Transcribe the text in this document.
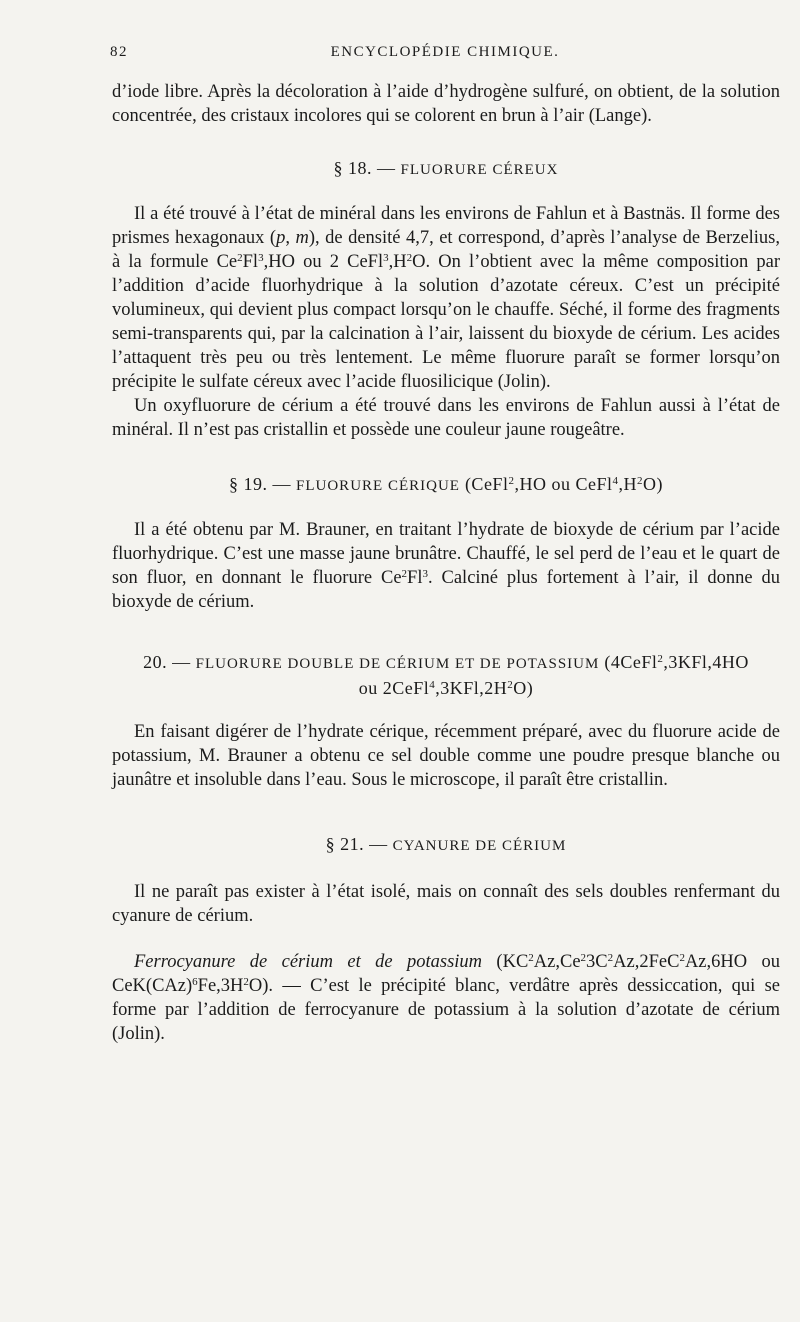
82	ENCYCLOPÉDIE CHIMIQUE.

d’iode libre. Après la décoloration à l’aide d’hydrogène sulfuré, on obtient, de la solution concentrée, des cristaux incolores qui se colorent en brun à l’air (Lange).

§ 18. — FLUORURE CÉREUX

Il a été trouvé à l’état de minéral dans les environs de Fahlun et à Bastnäs. Il forme des prismes hexagonaux (p, m), de densité 4,7, et correspond, d’après l’analyse de Berzelius, à la formule Ce$^2$Fl$^3$,HO ou 2 $CeFl^3,H^2O$. On l’obtient avec la même composition par l’addition d’acide fluorhydrique à la solution d’azotate céreux. C’est un précipité volumineux, qui devient plus compact lorsqu’on le chauffe. Séché, il forme des fragments semi-transparents qui, par la calcination à l’air, laissent du bioxyde de cérium. Les acides l’attaquent très peu ou très lentement. Le même fluorure paraît se former lorsqu’on précipite le sulfate céreux avec l’acide fluosilicique (Jolin).

Un oxyfluorure de cérium a été trouvé dans les environs de Fahlun aussi à l’état de minéral. Il n’est pas cristallin et possède une couleur jaune rougeâtre.

§ 19. — FLUORURE CÉRIQUE (CeFl$^2$,HO ou $CeFl^4,H^2O$)

Il a été obtenu par M. Brauner, en traitant l’hydrate de bioxyde de cérium par l’acide fluorhydrique. C’est une masse jaune brunâtre. Chauffé, le sel perd de l’eau et le quart de son fluor, en donnant le fluorure Ce$^2$Fl$^3$. Calciné plus fortement à l’air, il donne du bioxyde de cérium.

20. — FLUORURE DOUBLE DE CÉRIUM ET DE POTASSIUM (4CeFl$^2$,3KFl,4HO
ou $2CeFl^4,3KFl,2H^2O$)

En faisant digérer de l’hydrate cérique, récemment préparé, avec du fluorure acide de potassium, M. Brauner a obtenu ce sel double comme une poudre presque blanche ou jaunâtre et insoluble dans l’eau. Sous le microscope, il paraît être cristallin.

§ 21. — CYANURE DE CÉRIUM

Il ne paraît pas exister à l’état isolé, mais on connaît des sels doubles renfermant du cyanure de cérium.

Ferrocyanure de cérium et de potassium ($KC^2Az,Ce^23C^2Az,2FeC^2Az,6HO$ ou $CeK(CAz)^6Fe,3H^2O$). — C’est le précipité blanc, verdâtre après dessiccation, qui se forme par l’addition de ferrocyanure de potassium à la solution d’azotate de cérium (Jolin).
